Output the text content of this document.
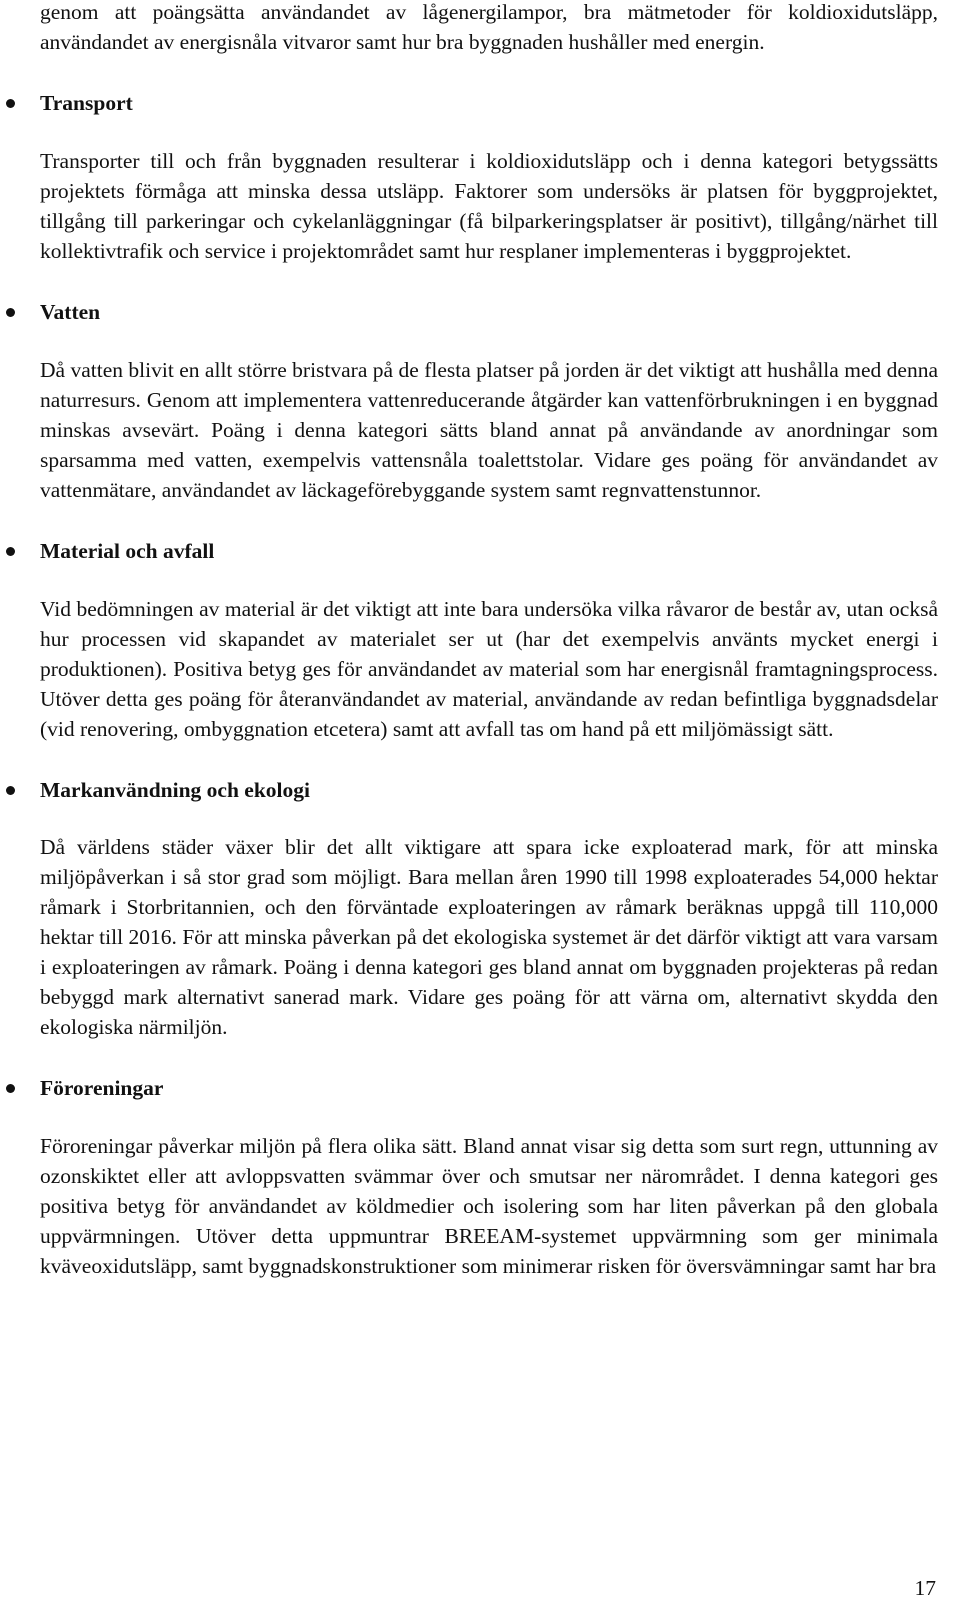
genom att poängsätta användandet av lågenergilampor, bra mätmetoder för koldioxidutsläpp, användandet av energisnåla vitvaror samt hur bra byggnaden hushåller med energin.

Transport

Transporter till och från byggnaden resulterar i koldioxidutsläpp och i denna kategori betygssätts projektets förmåga att minska dessa utsläpp. Faktorer som undersöks är platsen för byggprojektet, tillgång till parkeringar och cykelanläggningar (få bilparkeringsplatser är positivt), tillgång/närhet till kollektivtrafik och service i projektområdet samt hur resplaner implementeras i byggprojektet.

Vatten

Då vatten blivit en allt större bristvara på de flesta platser på jorden är det viktigt att hushålla med denna naturresurs. Genom att implementera vattenreducerande åtgärder kan vattenförbrukningen i en byggnad minskas avsevärt. Poäng i denna kategori sätts bland annat på användande av anordningar som sparsamma med vatten, exempelvis vattensnåla toalettstolar. Vidare ges poäng för användandet av vattenmätare, användandet av läckageförebyggande system samt regnvattenstunnor.

Material och avfall

Vid bedömningen av material är det viktigt att inte bara undersöka vilka råvaror de består av, utan också hur processen vid skapandet av materialet ser ut (har det exempelvis använts mycket energi i produktionen). Positiva betyg ges för användandet av material som har energisnål framtagningsprocess. Utöver detta ges poäng för återanvändandet av material, användande av redan befintliga byggnadsdelar (vid renovering, ombyggnation etcetera) samt att avfall tas om hand på ett miljömässigt sätt.

Markanvändning och ekologi

Då världens städer växer blir det allt viktigare att spara icke exploaterad mark, för att minska miljöpåverkan i så stor grad som möjligt. Bara mellan åren 1990 till 1998 exploaterades 54,000 hektar råmark i Storbritannien, och den förväntade exploateringen av råmark beräknas uppgå till 110,000 hektar till 2016. För att minska påverkan på det ekologiska systemet är det därför viktigt att vara varsam i exploateringen av råmark. Poäng i denna kategori ges bland annat om byggnaden projekteras på redan bebyggd mark alternativt sanerad mark. Vidare ges poäng för att värna om, alternativt skydda den ekologiska närmiljön.

Föroreningar

Föroreningar påverkar miljön på flera olika sätt. Bland annat visar sig detta som surt regn, uttunning av ozonskiktet eller att avloppsvatten svämmar över och smutsar ner närområdet. I denna kategori ges positiva betyg för användandet av köldmedier och isolering som har liten påverkan på den globala uppvärmningen. Utöver detta uppmuntrar BREEAM-systemet uppvärmning som ger minimala kväveoxidutsläpp, samt byggnadskonstruktioner som minimerar risken för översvämningar samt har bra

17
